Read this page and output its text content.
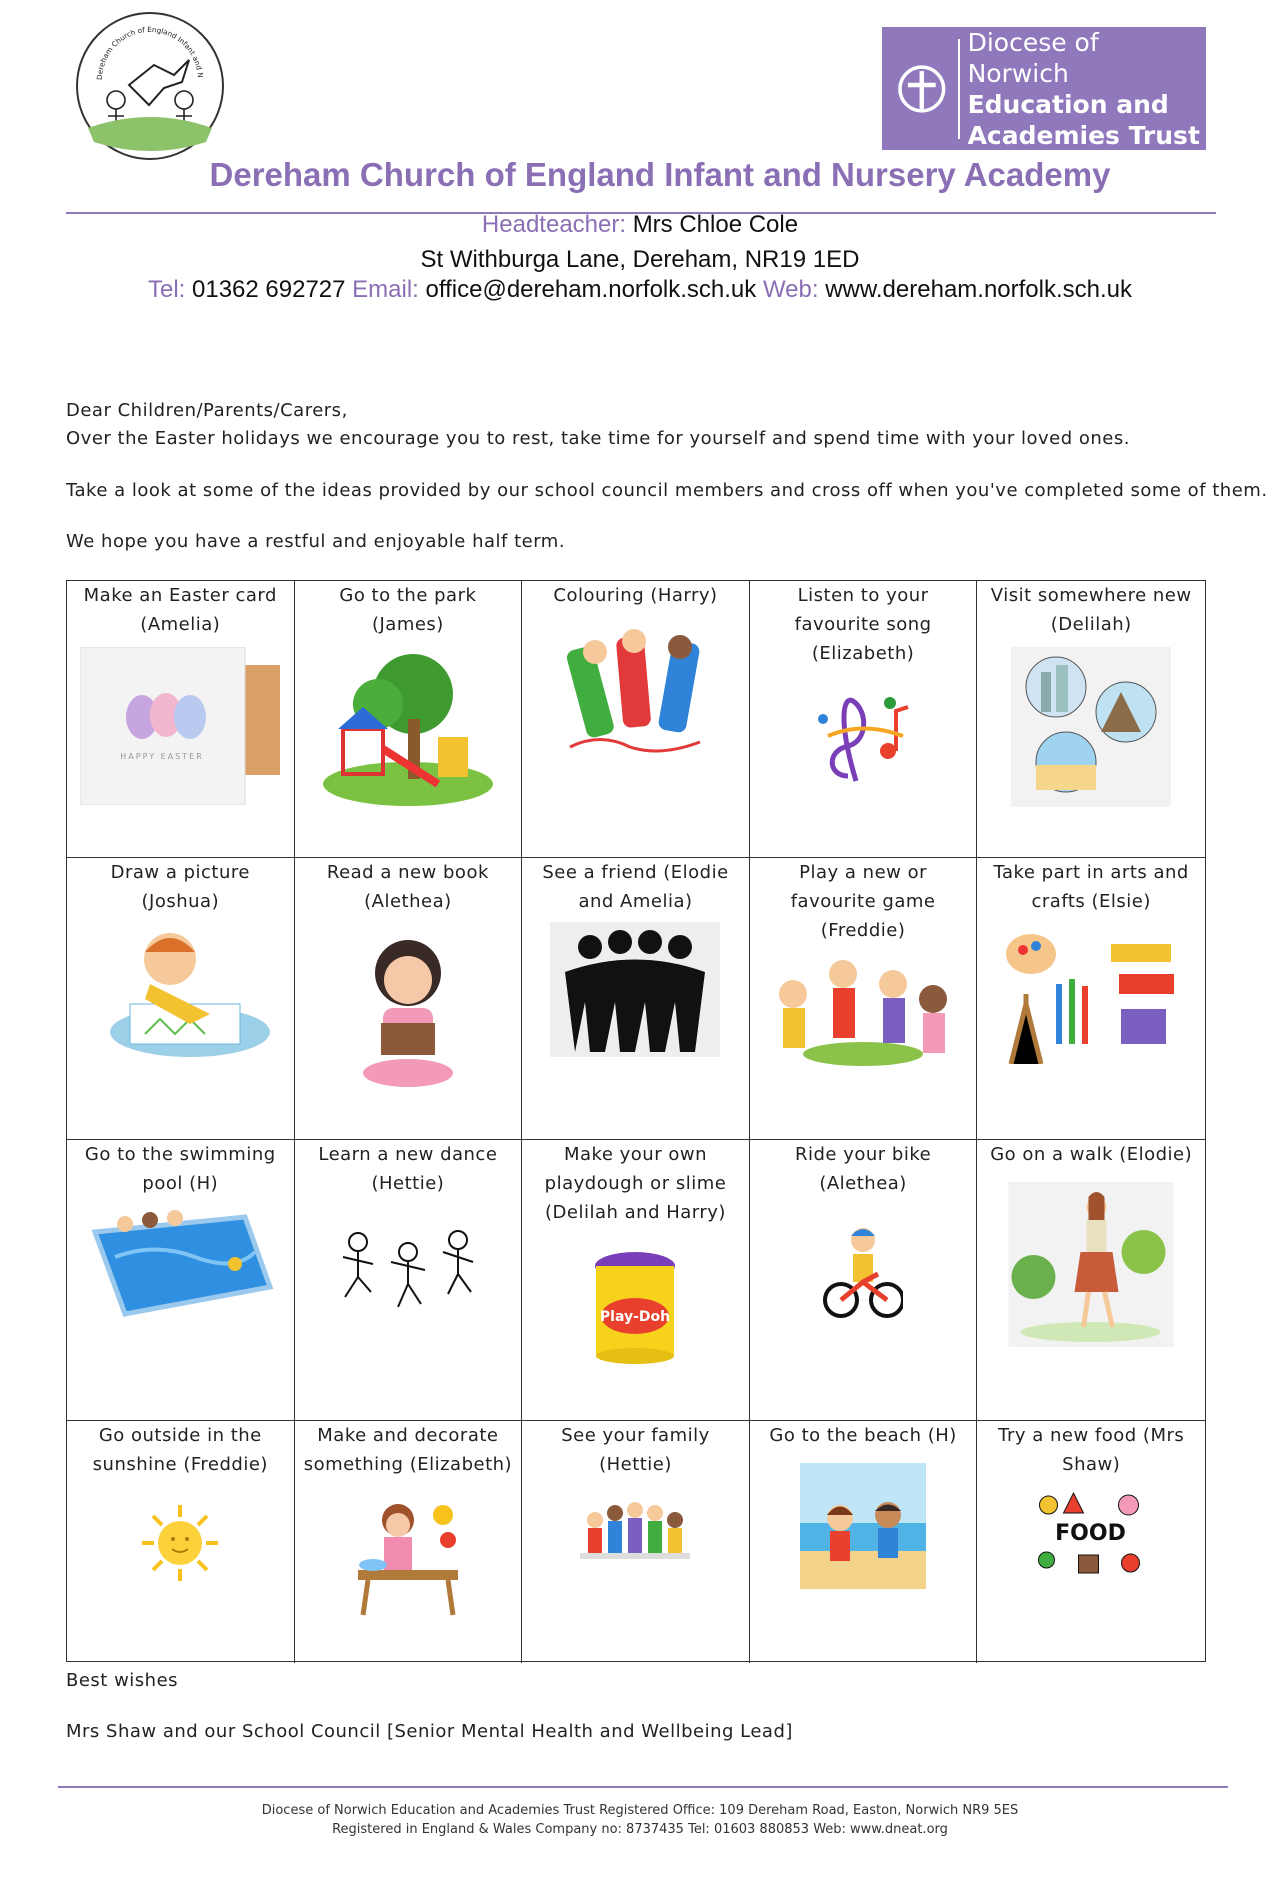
Dereham Church of England Infant and N
Diocese of Norwich
Education and
Academies Trust
Dereham Church of England Infant and Nursery Academy
Headteacher: Mrs Chloe Cole
St Withburga Lane, Dereham, NR19 1ED
Tel: 01362 692727 Email: office@dereham.norfolk.sch.uk Web: www.dereham.norfolk.sch.uk
Dear Children/Parents/Carers,
Over the Easter holidays we encourage you to rest, take time for yourself and spend time with your loved ones.
Take a look at some of the ideas provided by our school council members and cross off when you've completed some of them.
We hope you have a restful and enjoyable half term.
Make an Easter card (Amelia)
HAPPY EASTER
Go to the park (James)
Colouring (Harry)	Listen to your favourite song (Elizabeth)
Visit somewhere new (Delilah)
Draw a picture (Joshua)
Read a new book (Alethea)
See a friend (Elodie and Amelia)
Play a new or favourite game (Freddie)
Take part in arts and crafts (Elsie)
Go to the swimming pool (H)
Learn a new dance (Hettie)
Make your own playdough or slime (Delilah and Harry)
Play-Doh
Ride your bike (Alethea)
Go on a walk (Elodie)
Go outside in the sunshine (Freddie)
Make and decorate something (Elizabeth)
See your family (Hettie)
Go to the beach (H)	Try a new food (Mrs Shaw)
FOOD
Best wishes
Mrs Shaw and our School Council [Senior Mental Health and Wellbeing Lead]
Diocese of Norwich Education and Academies Trust Registered Office: 109 Dereham Road, Easton, Norwich NR9 5ES
Registered in England & Wales Company no: 8737435 Tel: 01603 880853 Web: www.dneat.org
